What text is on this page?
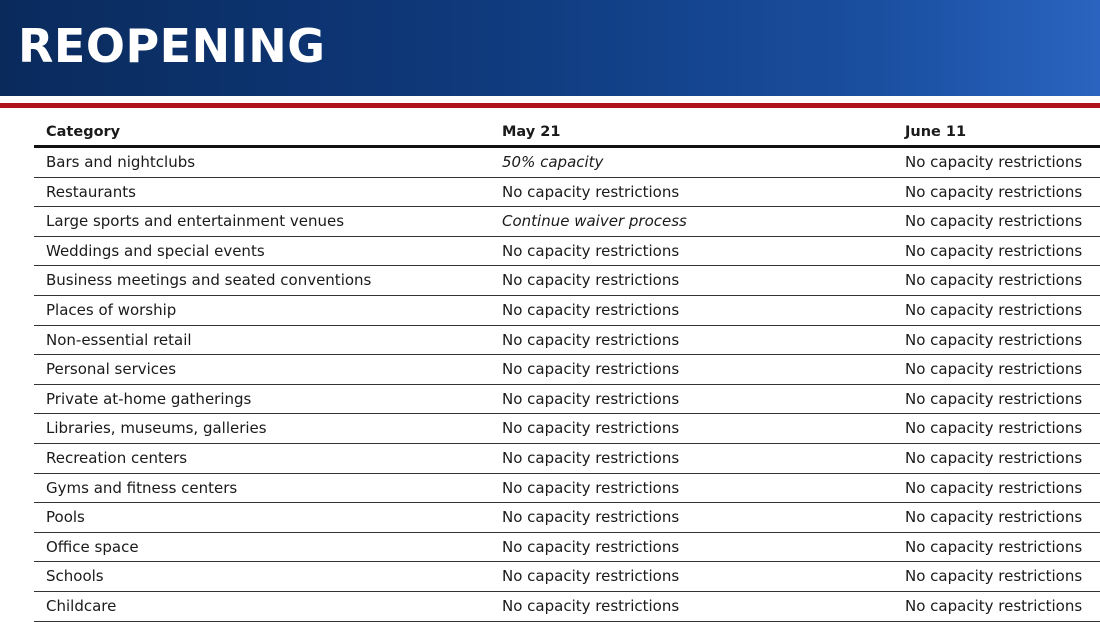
REOPENING
Category	May 21	June 11
Bars and nightclubs	50% capacity	No capacity restrictions
Restaurants	No capacity restrictions	No capacity restrictions
Large sports and entertainment venues	Continue waiver process	No capacity restrictions
Weddings and special events	No capacity restrictions	No capacity restrictions
Business meetings and seated conventions	No capacity restrictions	No capacity restrictions
Places of worship	No capacity restrictions	No capacity restrictions
Non-essential retail	No capacity restrictions	No capacity restrictions
Personal services	No capacity restrictions	No capacity restrictions
Private at-home gatherings	No capacity restrictions	No capacity restrictions
Libraries, museums, galleries	No capacity restrictions	No capacity restrictions
Recreation centers	No capacity restrictions	No capacity restrictions
Gyms and fitness centers	No capacity restrictions	No capacity restrictions
Pools	No capacity restrictions	No capacity restrictions
Office space	No capacity restrictions	No capacity restrictions
Schools	No capacity restrictions	No capacity restrictions
Childcare	No capacity restrictions	No capacity restrictions
